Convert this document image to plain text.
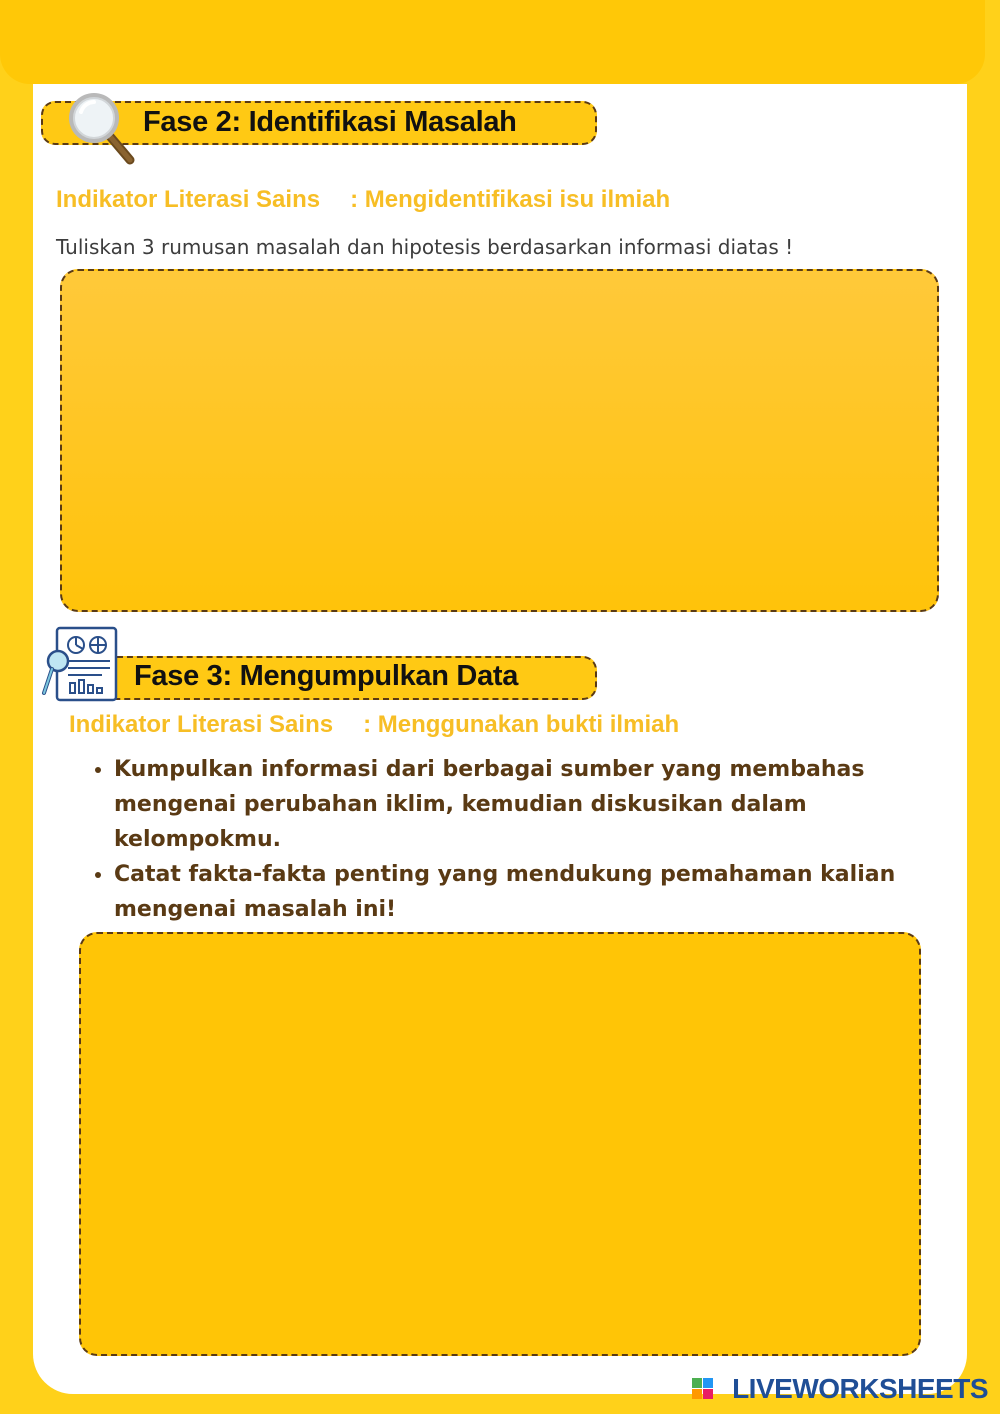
Fase 2: Identifikasi Masalah
Indikator Literasi Sains : Mengidentifikasi isu ilmiah
Tuliskan 3 rumusan masalah dan hipotesis berdasarkan informasi diatas !
Fase 3: Mengumpulkan Data
Indikator Literasi Sains : Menggunakan bukti ilmiah
• Kumpulkan informasi dari berbagai sumber yang membahas mengenai perubahan iklim, kemudian diskusikan dalam kelompokmu.
• Catat fakta-fakta penting yang mendukung pemahaman kalian mengenai masalah ini!
LIVEWORKSHEETS
